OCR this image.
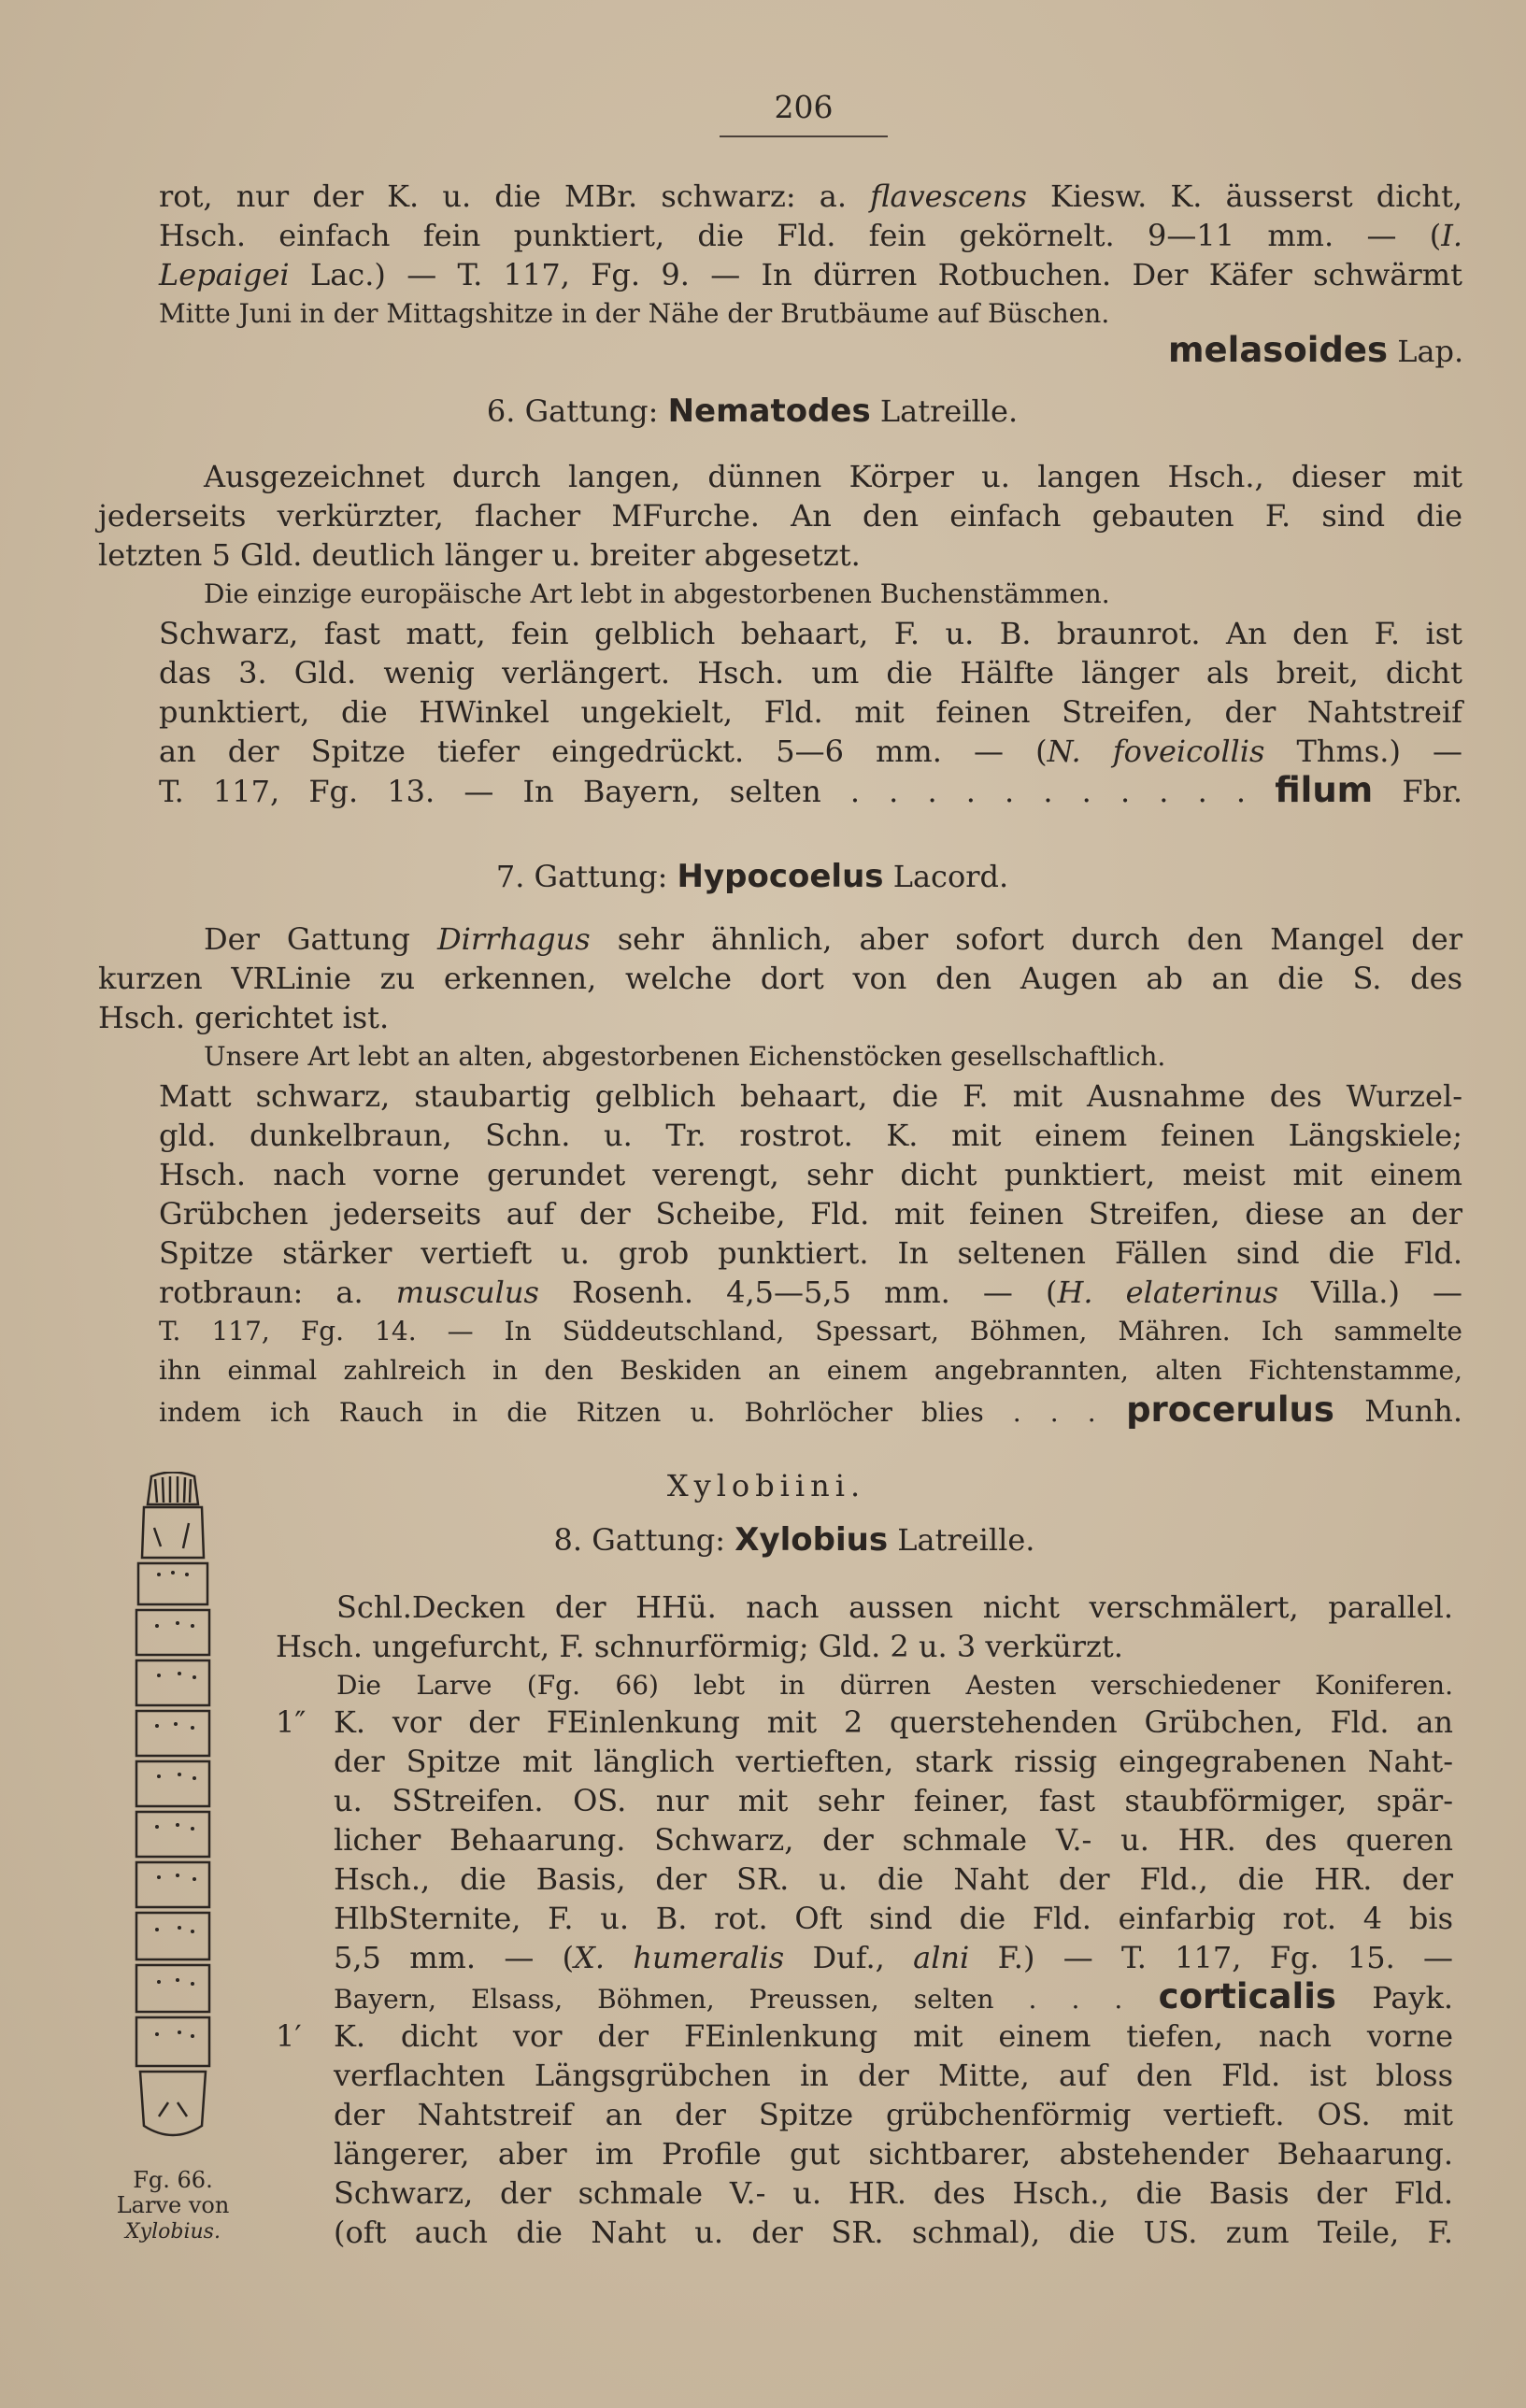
206
rot, nur der K. u. die MBr. schwarz: a. flavescens Kiesw. K. äusserst dicht,
Hsch. einfach fein punktiert, die Fld. fein gekörnelt. 9—11 mm. — (I.
Lepaigei Lac.) — T. 117, Fg. 9. — In dürren Rotbuchen. Der Käfer schwärmt
Mitte Juni in der Mittagshitze in der Nähe der Brutbäume auf Büschen.
melasoides Lap.
6. Gattung: Nematodes Latreille.
Ausgezeichnet durch langen, dünnen Körper u. langen Hsch., dieser mit
jederseits verkürzter, flacher MFurche. An den einfach gebauten F. sind die
letzten 5 Gld. deutlich länger u. breiter abgesetzt.
Die einzige europäische Art lebt in abgestorbenen Buchenstämmen.
Schwarz, fast matt, fein gelblich behaart, F. u. B. braunrot. An den F. ist
das 3. Gld. wenig verlängert. Hsch. um die Hälfte länger als breit, dicht
punktiert, die HWinkel ungekielt, Fld. mit feinen Streifen, der Nahtstreif
an der Spitze tiefer eingedrückt. 5—6 mm. — (N. foveicollis Thms.) —
T. 117, Fg. 13. — In Bayern, selten . . . . . . . . . . . filum Fbr.
7. Gattung: Hypocoelus Lacord.
Der Gattung Dirrhagus sehr ähnlich, aber sofort durch den Mangel der
kurzen VRLinie zu erkennen, welche dort von den Augen ab an die S. des
Hsch. gerichtet ist.
Unsere Art lebt an alten, abgestorbenen Eichenstöcken gesellschaftlich.
Matt schwarz, staubartig gelblich behaart, die F. mit Ausnahme des Wurzel-
gld. dunkelbraun, Schn. u. Tr. rostrot. K. mit einem feinen Längskiele;
Hsch. nach vorne gerundet verengt, sehr dicht punktiert, meist mit einem
Grübchen jederseits auf der Scheibe, Fld. mit feinen Streifen, diese an der
Spitze stärker vertieft u. grob punktiert. In seltenen Fällen sind die Fld.
rotbraun: a. musculus Rosenh. 4,5—5,5 mm. — (H. elaterinus Villa.) —
T. 117, Fg. 14. — In Süddeutschland, Spessart, Böhmen, Mähren. Ich sammelte
ihn einmal zahlreich in den Beskiden an einem angebrannten, alten Fichtenstamme,
indem ich Rauch in die Ritzen u. Bohrlöcher blies . . . procerulus Munh.
Xylobiini.
8. Gattung: Xylobius Latreille.
Schl.Decken der HHü. nach aussen nicht verschmälert, parallel.
Hsch. ungefurcht, F. schnurförmig; Gld. 2 u. 3 verkürzt.
Die Larve (Fg. 66) lebt in dürren Aesten verschiedener Koniferen.
1″ K. vor der FEinlenkung mit 2 querstehenden Grübchen, Fld. an
der Spitze mit länglich vertieften, stark rissig eingegrabenen Naht-
u. SStreifen. OS. nur mit sehr feiner, fast staubförmiger, spär-
licher Behaarung. Schwarz, der schmale V.- u. HR. des queren
Hsch., die Basis, der SR. u. die Naht der Fld., die HR. der
HlbSternite, F. u. B. rot. Oft sind die Fld. einfarbig rot. 4 bis
5,5 mm. — (X. humeralis Duf., alni F.) — T. 117, Fg. 15. —
Bayern, Elsass, Böhmen, Preussen, selten . . . corticalis Payk.
1′	K. dicht vor der FEinlenkung mit einem tiefen, nach vorne
verflachten Längsgrübchen in der Mitte, auf den Fld. ist bloss
der Nahtstreif an der Spitze grübchenförmig vertieft. OS. mit
längerer, aber im Profile gut sichtbarer, abstehender Behaarung.
Schwarz, der schmale V.- u. HR. des Hsch., die Basis der Fld.
(oft auch die Naht u. der SR. schmal), die US. zum Teile, F.
Fg. 66.
Larve von
Xylobius.
